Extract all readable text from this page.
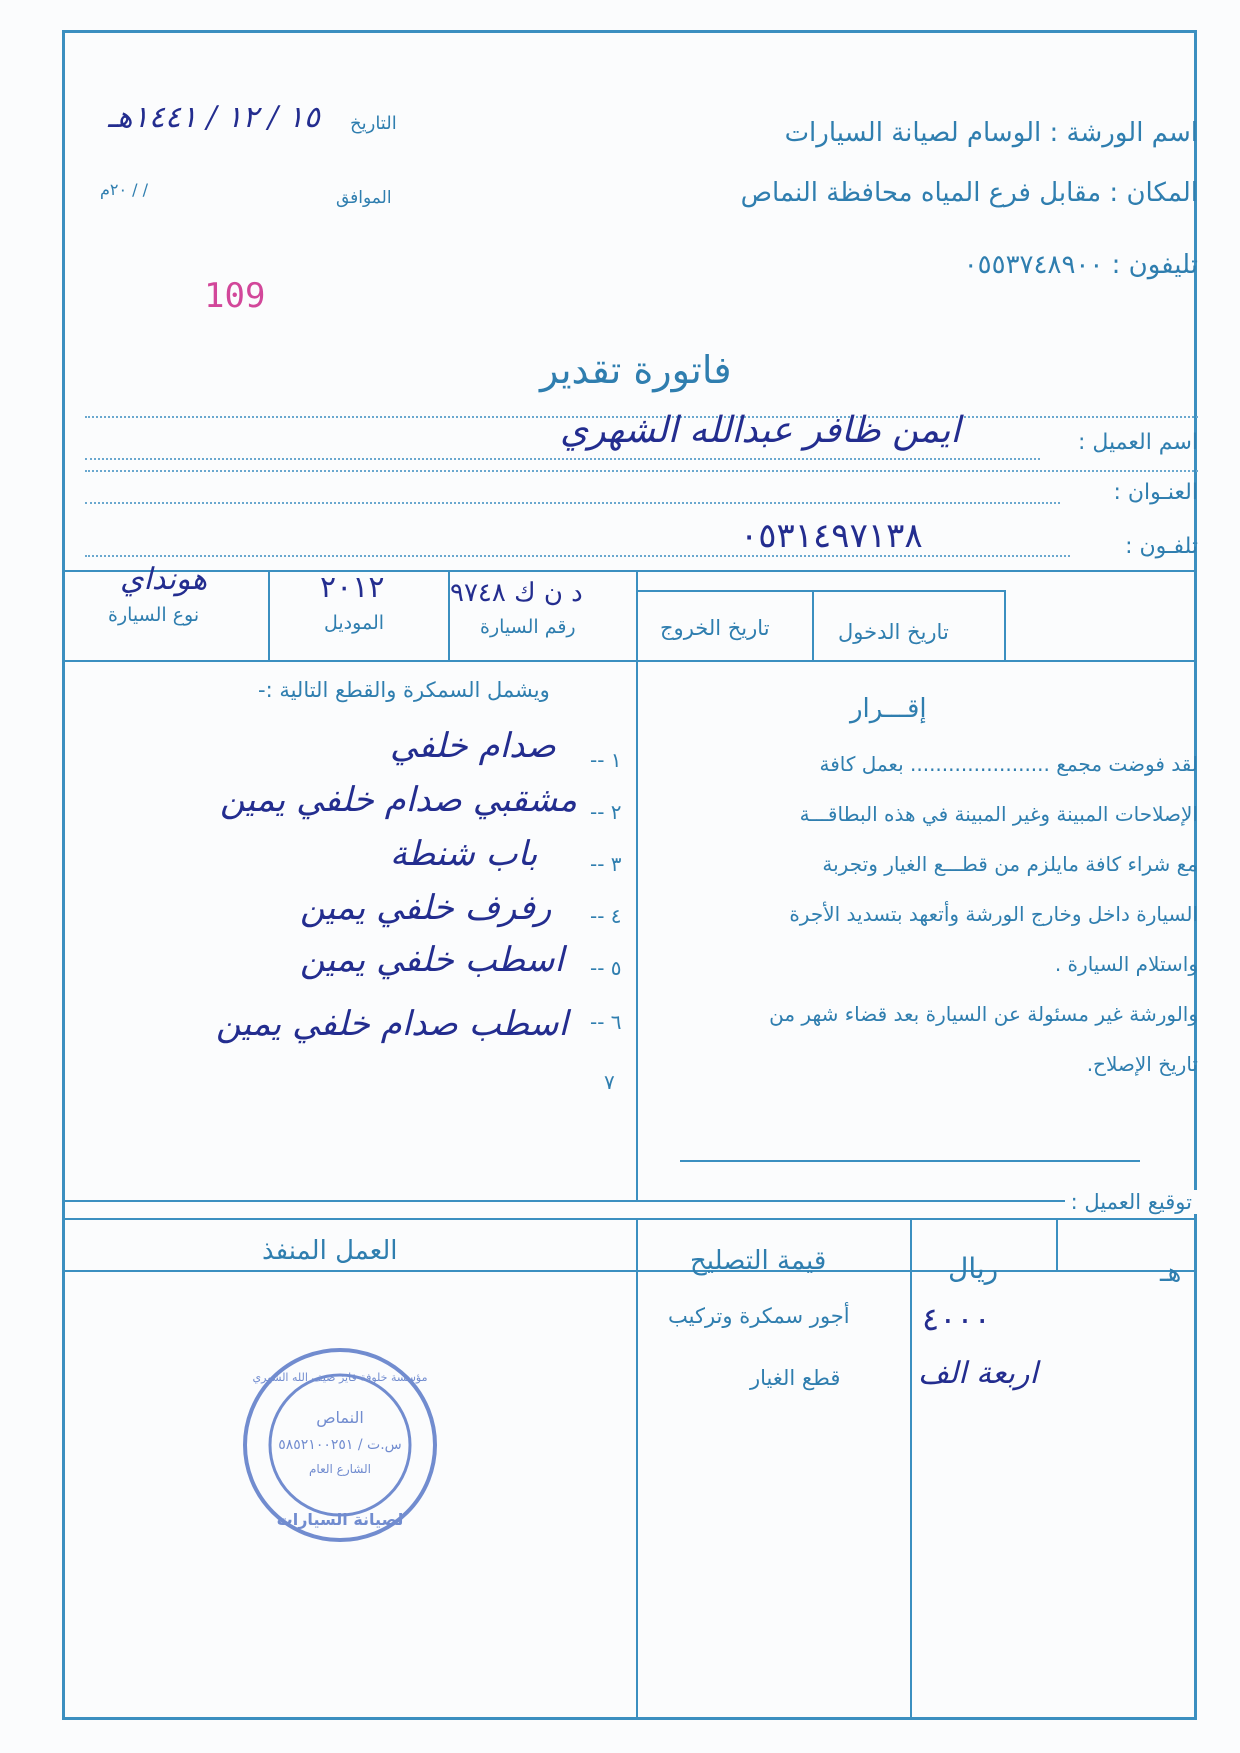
اسم الورشة : الوسام لصيانة السيارات
المكان : مقابل فرع المياه محافظة النماص
تليفون : ٠٥٥٣٧٤٨٩٠٠
التاريخ
١٥ / ١٢ / ١٤٤١هـ
الموافق
/ / ٢٠م
109
فاتورة تقدير
اسم العميل :
ايمن ظافر عبدالله الشهري
العنـوان :
تلفـون :
٠٥٣١٤٩٧١٣٨
تاريخ الدخول
تاريخ الخروج
رقم السيارة
الموديل
نوع السيارة
د ن ك ٩٧٤٨
٢٠١٢
هونداي
إقـــرار
لقد فوضت مجمع ...................... بعمل كافة
الإصلاحات المبينة وغير المبينة في هذه البطاقـــة
مع شراء كافة مايلزم من قطـــع الغيار وتجربة
السيارة داخل وخارج الورشة وأتعهد بتسديد الأجرة
واستلام السيارة .
والورشة غير مسئولة عن السيارة بعد قضاء شهر من
تاريخ الإصلاح.
ويشمل السمكرة والقطع التالية :-
١ --
صدام خلفي
٢ --
مشقبي صدام خلفي يمين
٣ --
باب شنطة
٤ --
رفرف خلفي يمين
٥ --
اسطب خلفي يمين
٦ --
اسطب صدام خلفي يمين
٧
توقيع العميل :
هـ
ريال
قيمة التصليح
العمل المنفذ
أجور سمكرة وتركيب ٤٠٠٠
قطع الغيار	اربعة الف
مؤسسة خلوفة فايز ضيف الله الشهري
النماص
س.ت / ٥٨٥٢١٠٠٢٥١
الشارع العام
لصيانة السيارات
